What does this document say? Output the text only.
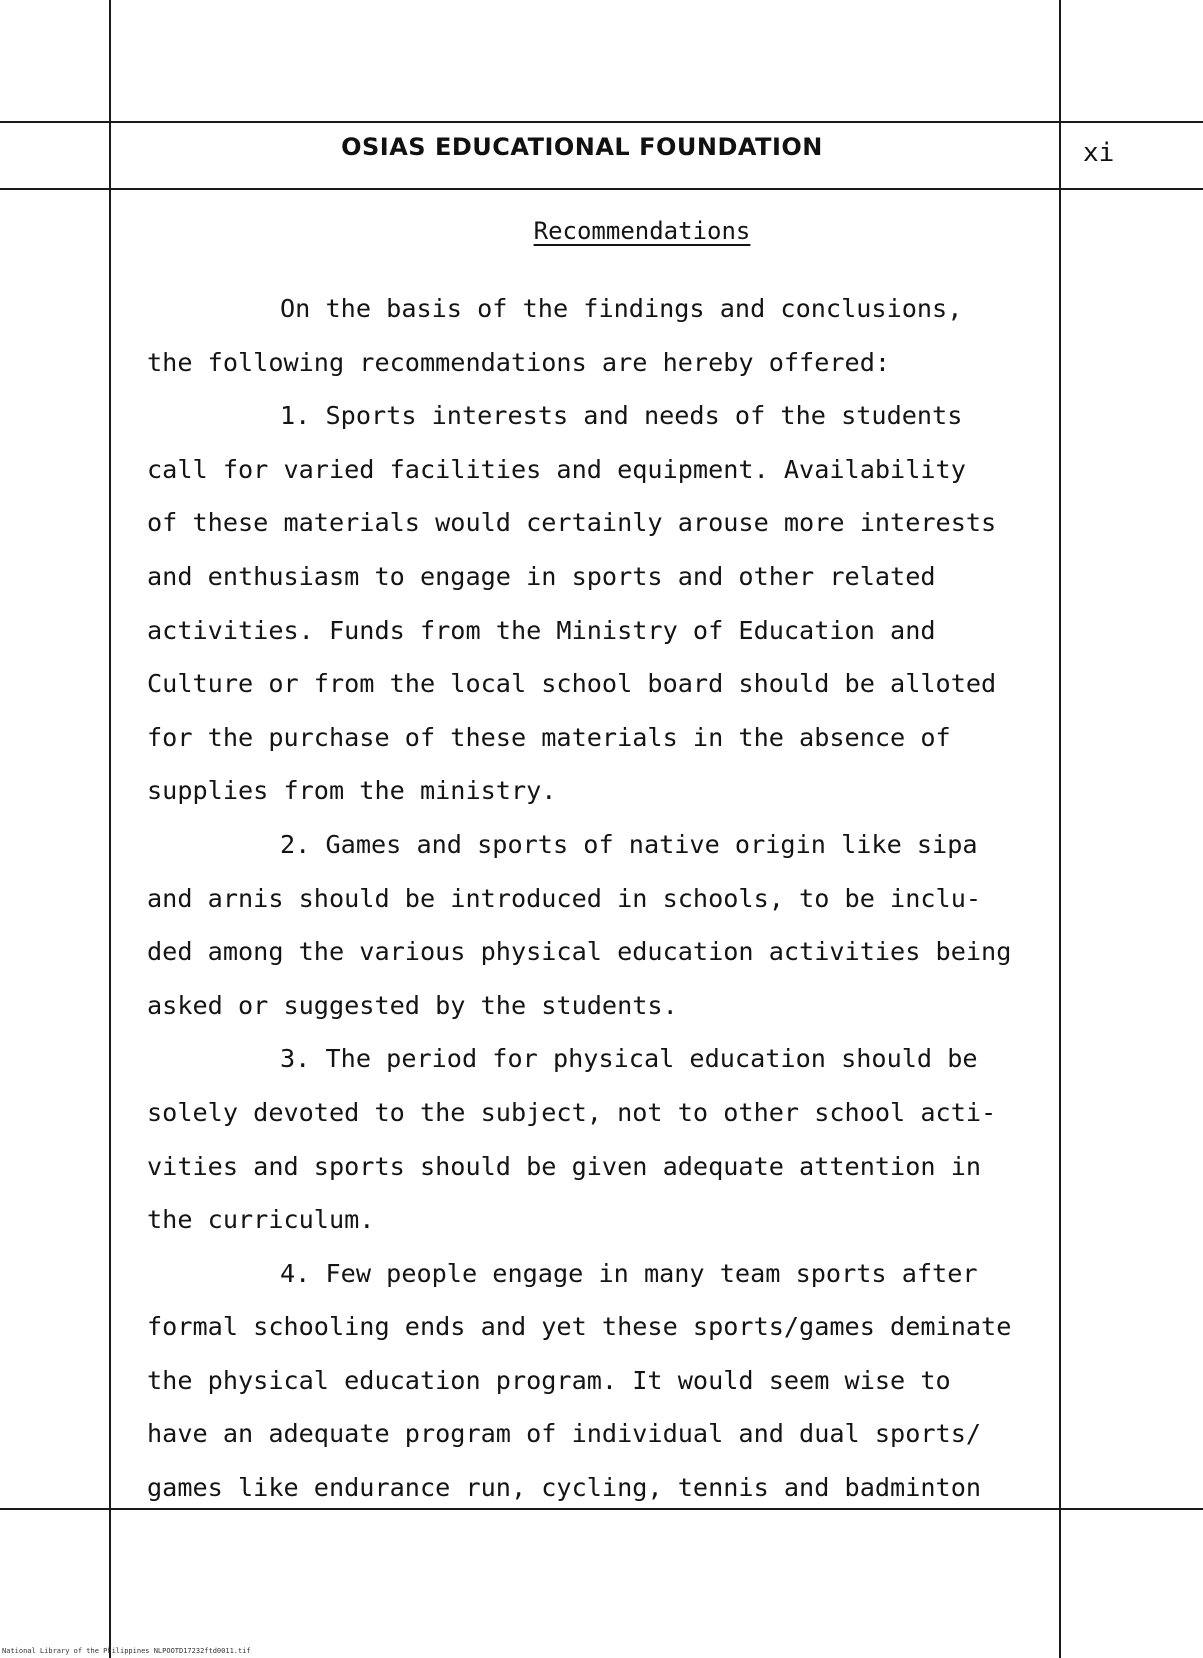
OSIAS EDUCATIONAL FOUNDATION	xi
Recommendations
On the basis of the findings and conclusions,
the following recommendations are hereby offered:
1. Sports interests and needs of the students
call for varied facilities and equipment. Availability
of these materials would certainly arouse more interests
and enthusiasm to engage in sports and other related
activities. Funds from the Ministry of Education and
Culture or from the local school board should be alloted
for the purchase of these materials in the absence of
supplies from the ministry.
2. Games and sports of native origin like sipa
and arnis should be introduced in schools, to be inclu-
ded among the various physical education activities being
asked or suggested by the students.
3. The period for physical education should be
solely devoted to the subject, not to other school acti-
vities and sports should be given adequate attention in
the curriculum.
4. Few people engage in many team sports after
formal schooling ends and yet these sports/games deminate
the physical education program. It would seem wise to
have an adequate program of individual and dual sports/
games like endurance run, cycling, tennis and badminton
National Library of the Philippines NLPOOTD17232ftd0011.tif
